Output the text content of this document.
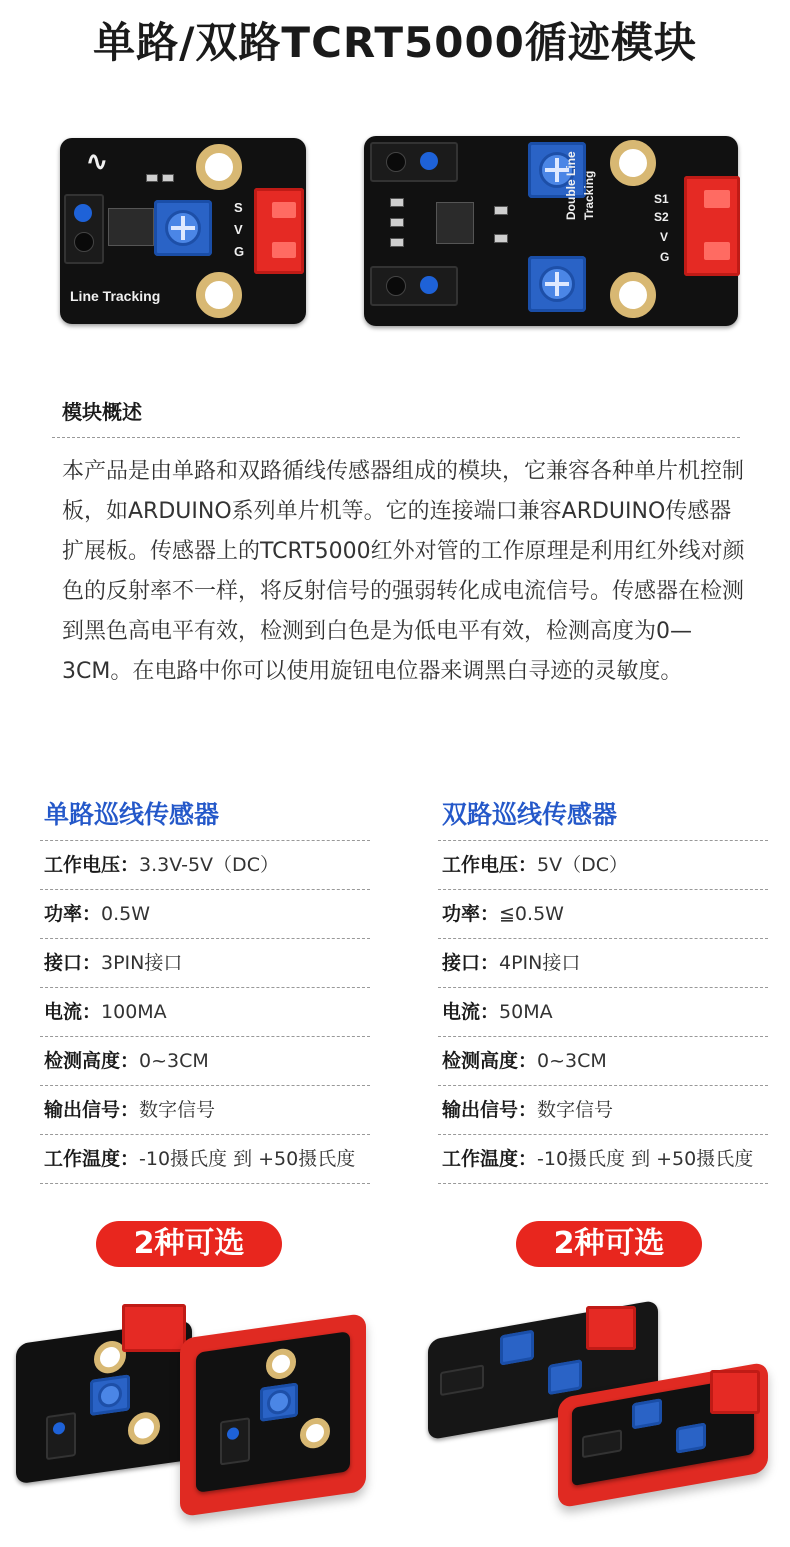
单路/双路TCRT5000循迹模块
∿
S
V
G
Line Tracking
Double Line Tracking	S1
S2
V
G
模块概述
本产品是由单路和双路循线传感器组成的模块，它兼容各种单片机控制板，如ARDUINO系列单片机等。它的连接端口兼容ARDUINO传感器扩展板。传感器上的TCRT5000红外对管的工作原理是利用红外线对颜色的反射率不一样，将反射信号的强弱转化成电流信号。传感器在检测到黑色高电平有效，检测到白色是为低电平有效，检测高度为0—3CM。在电路中你可以使用旋钮电位器来调黑白寻迹的灵敏度。
单路巡线传感器
工作电压：3.3V-5V（DC）
功率：0.5W
接口：3PIN接口
电流：100MA
检测高度：0~3CM
输出信号：数字信号
工作温度：-10摄氏度 到 +50摄氏度
双路巡线传感器
工作电压：5V（DC）
功率：≦0.5W
接口：4PIN接口
电流：50MA
检测高度：0~3CM
输出信号：数字信号
工作温度：-10摄氏度 到 +50摄氏度
2种可选	2种可选
